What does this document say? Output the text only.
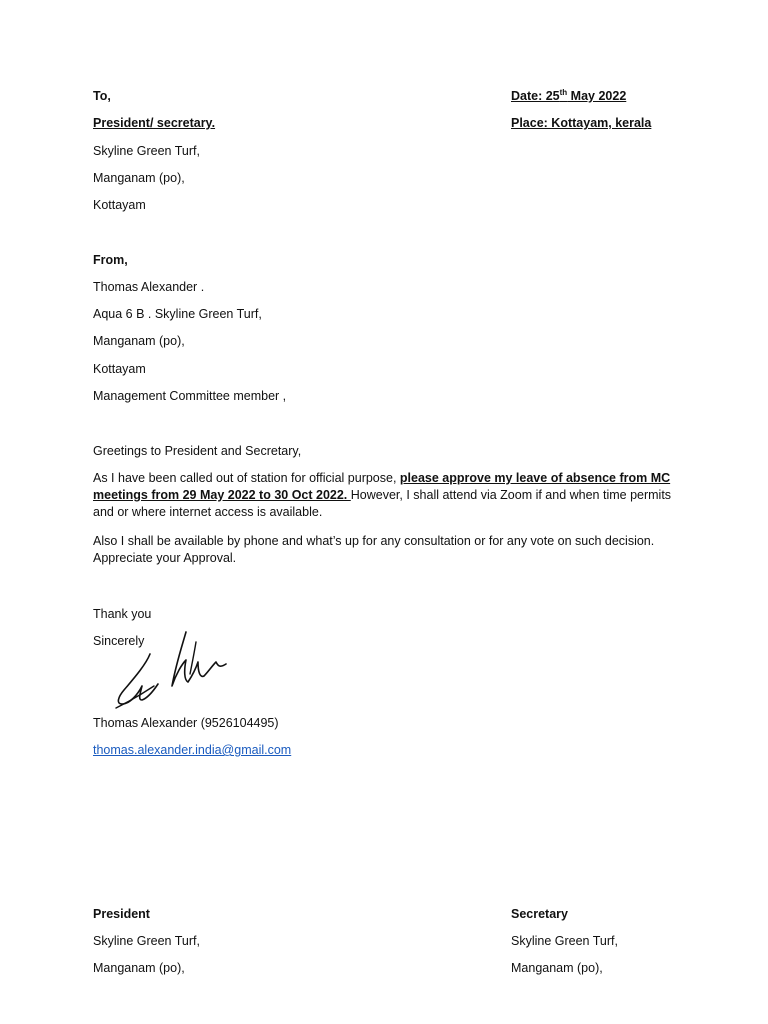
To,
President/ secretary.
Skyline Green Turf,
Manganam (po),
Kottayam
Date: 25th May 2022
Place: Kottayam, kerala
From,
Thomas Alexander .
Aqua 6 B . Skyline Green Turf,
Manganam (po),
Kottayam
Management Committee member ,
Greetings to President and Secretary,
As I have been called out of station for official purpose, please approve my leave of absence from MC meetings from 29 May 2022 to 30 Oct 2022. However, I shall attend via Zoom if and when time permits and or where internet access is available.
Also I shall be available by phone and what’s up for any consultation or for any vote on such decision. Appreciate your Approval.
Thank you
Sincerely
Thomas Alexander (9526104495)
thomas.alexander.india@gmail.com
President
Skyline Green Turf,
Manganam (po),
Secretary
Skyline Green Turf,
Manganam (po),
